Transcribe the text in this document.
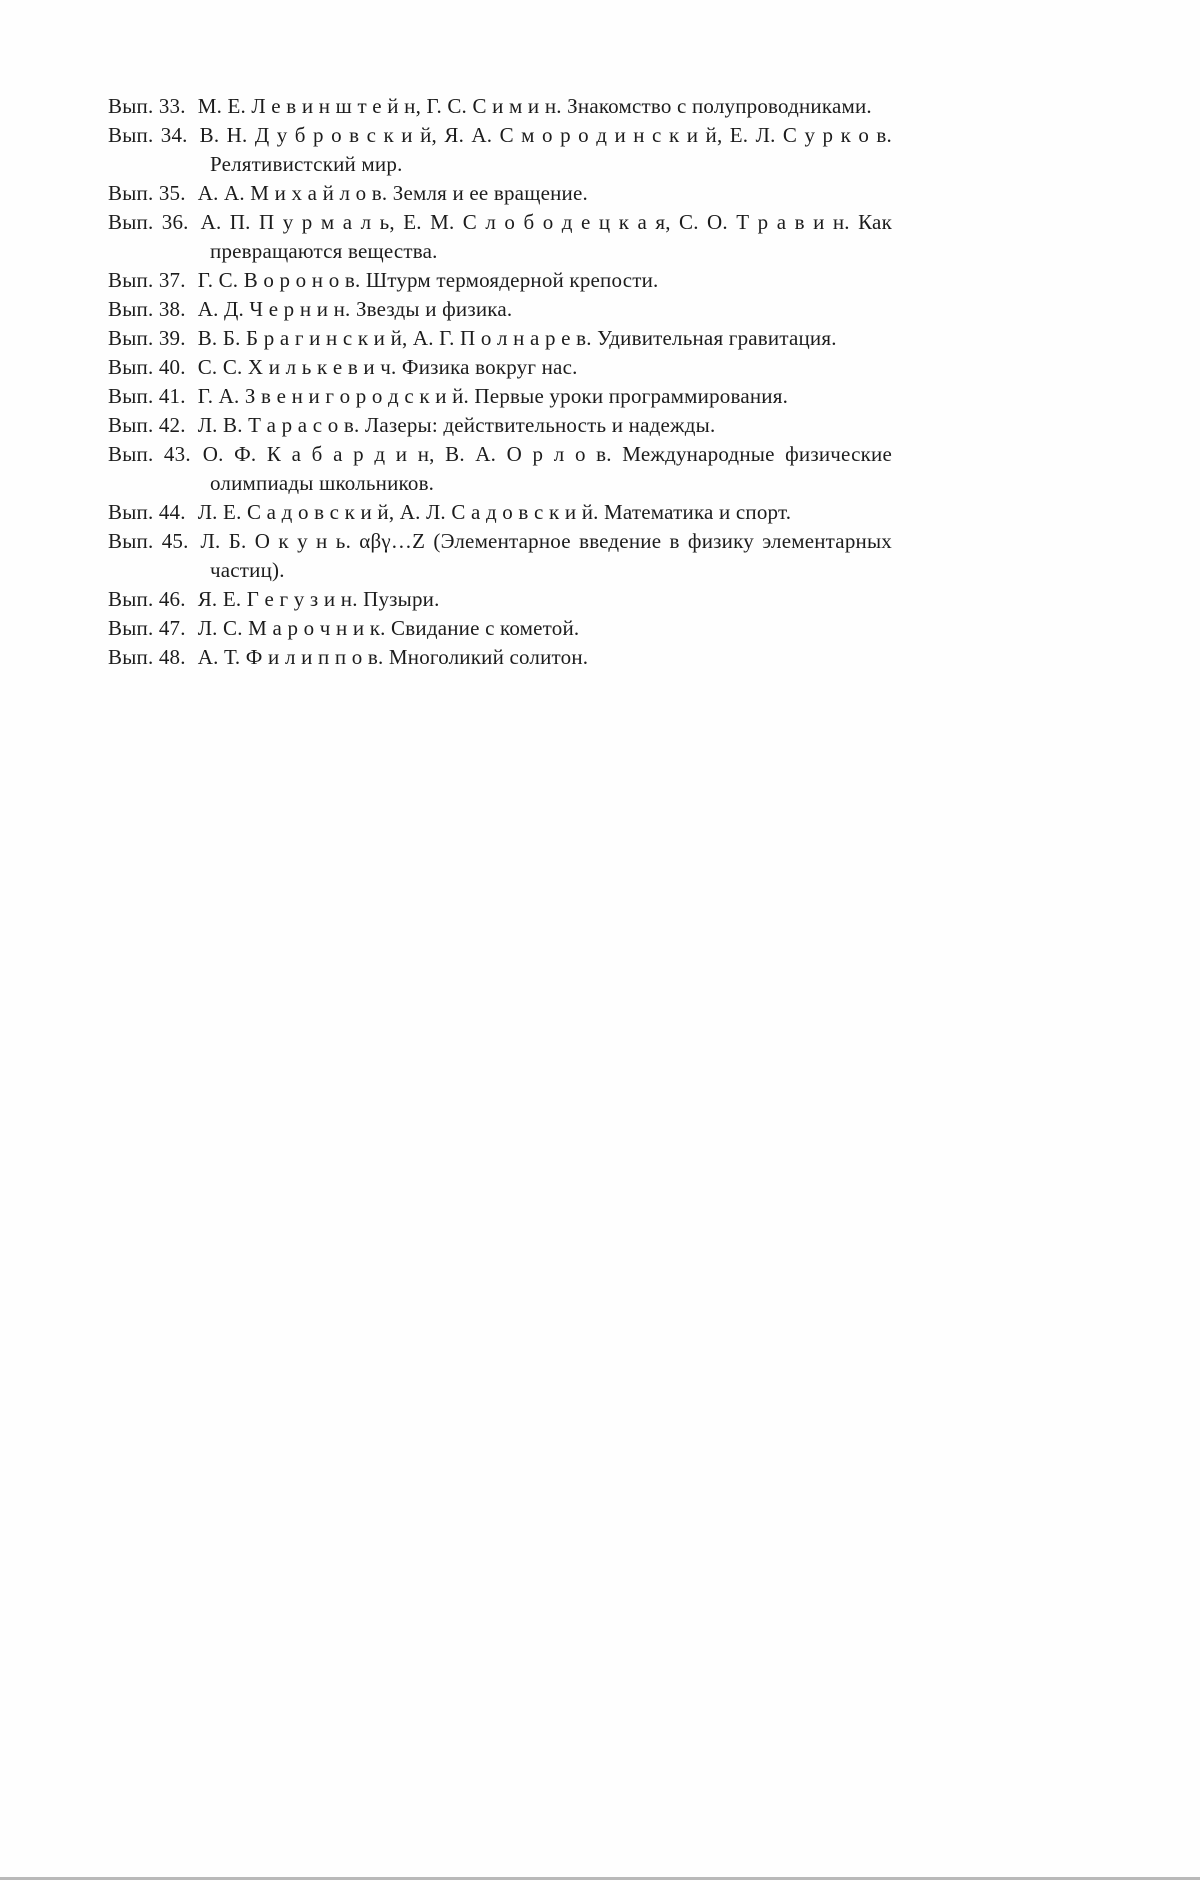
Вып. 33. М. Е. Л е в и н ш т е й н, Г. С. С и м и н. Знакомство с полупроводниками.

Вып. 34. В. Н. Д у б р о в с к и й, Я. А. С м о р о д и н с к и й, Е. Л. С у р к о в. Релятивистский мир.

Вып. 35. А. А. М и х а й л о в. Земля и ее вращение.

Вып. 36. А. П. П у р м а л ь, Е. М. С л о б о д е ц к а я, С. О. Т р а в и н. Как превращаются вещества.

Вып. 37. Г. С. В о р о н о в. Штурм термоядерной крепости.

Вып. 38. А. Д. Ч е р н и н. Звезды и физика.

Вып. 39. В. Б. Б р а г и н с к и й, А. Г. П о л н а р е в. Удивительная гравитация.

Вып. 40. С. С. Х и л ь к е в и ч. Физика вокруг нас.

Вып. 41. Г. А. З в е н и г о р о д с к и й. Первые уроки программирования.

Вып. 42. Л. В. Т а р а с о в. Лазеры: действительность и надежды.

Вып. 43. О. Ф. К а б а р д и н, В. А. О р л о в. Международные физические олимпиады школьников.

Вып. 44. Л. Е. С а д о в с к и й, А. Л. С а д о в с к и й. Математика и спорт.

Вып. 45. Л. Б. О к у н ь. αβγ…Z (Элементарное введение в физику элементарных частиц).

Вып. 46. Я. Е. Г е г у з и н. Пузыри.

Вып. 47. Л. С. М а р о ч н и к. Свидание с кометой.

Вып. 48. А. Т. Ф и л и п п о в. Многоликий солитон.
